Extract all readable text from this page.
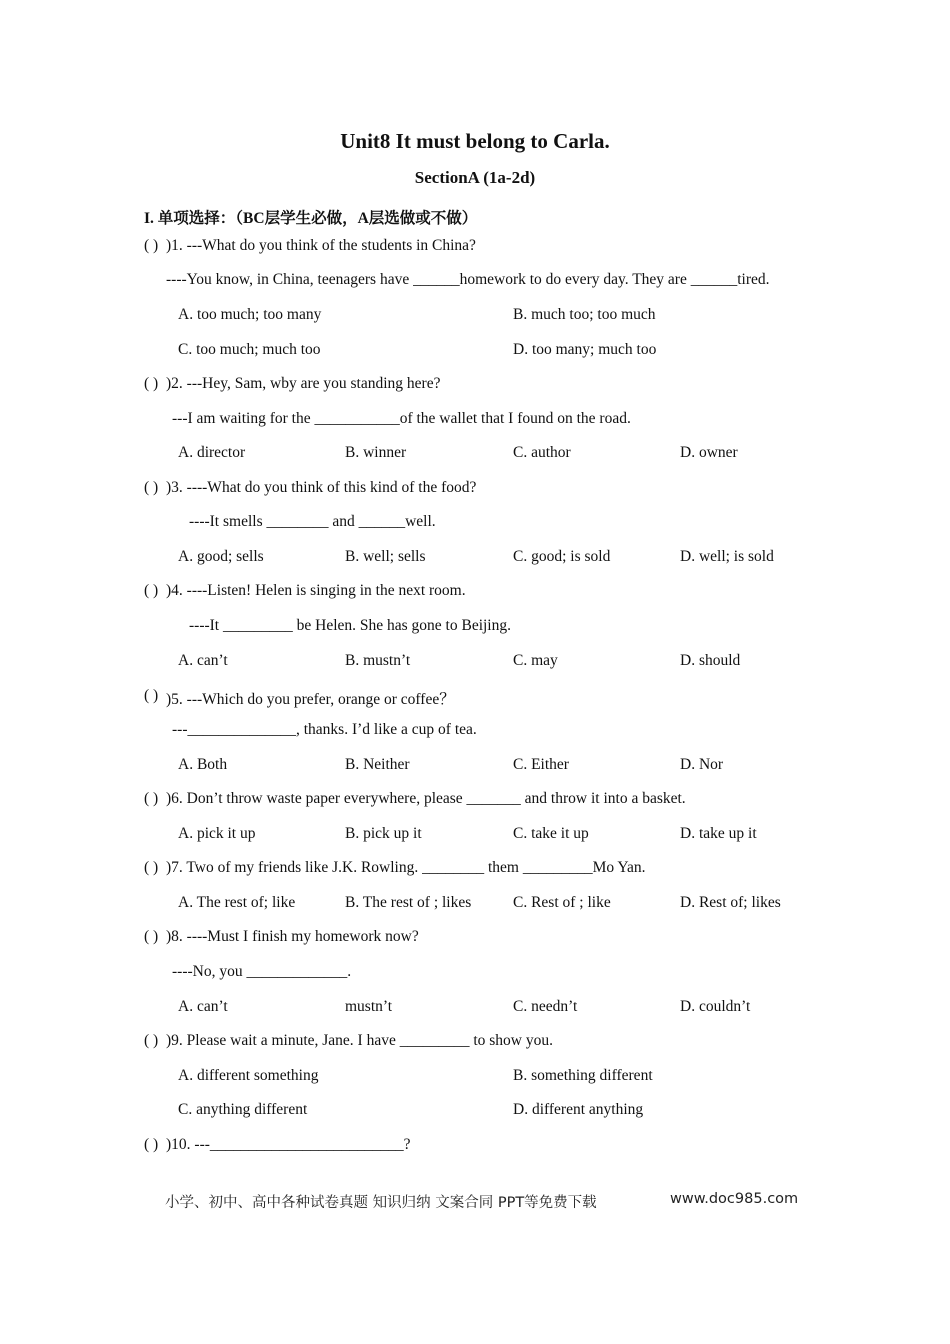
Unit8 It must belong to Carla.
SectionA (1a-2d)
I. 单项选择：（BC层学生必做，A层选做或不做）
( ) )1. ---What do you think of the students in China?
----You know, in China, teenagers have ______homework to do every day. They are ______tired.
A. too much; too many	B. much too; too much
C. too much; much too	D. too many; much too
( ) )2. ---Hey, Sam, wby are you standing here?
---I am waiting for the ___________of the wallet that I found on the road.
A. director	B. winner	C. author	D. owner
( ) )3. ----What do you think of this kind of the food?
----It smells ________ and ______well.
A. good; sells	B. well; sells	C. good; is sold	D. well; is sold
( ) )4. ----Listen! Helen is singing in the next room.
----It _________ be Helen. She has gone to Beijing.
A. can’t	B. mustn’t	C. may	D. should
( ) )5. ---Which do you prefer, orange or coffee？
---______________, thanks. I’d like a cup of tea.
A. Both	B. Neither	C. Either	D. Nor
( ) )6. Don’t throw waste paper everywhere, please _______ and throw it into a basket.
A. pick it up	B. pick up it	C. take it up	D. take up it
( ) )7. Two of my friends like J.K. Rowling. ________ them _________Mo Yan.
A. The rest of; like	B. The rest of ; likes	C. Rest of ; like	D. Rest of; likes
( ) )8. ----Must I finish my homework now?
----No, you _____________.
A. can’t	mustn’t	C. needn’t	D. couldn’t
( ) )9. Please wait a minute, Jane. I have _________ to show you.
A. different something	B. something different
C. anything different	D. different anything
( ) )10. ---_________________________?
小学、初中、高中各种试卷真题 知识归纳 文案合同 PPT等免费下载	www.doc985.com
